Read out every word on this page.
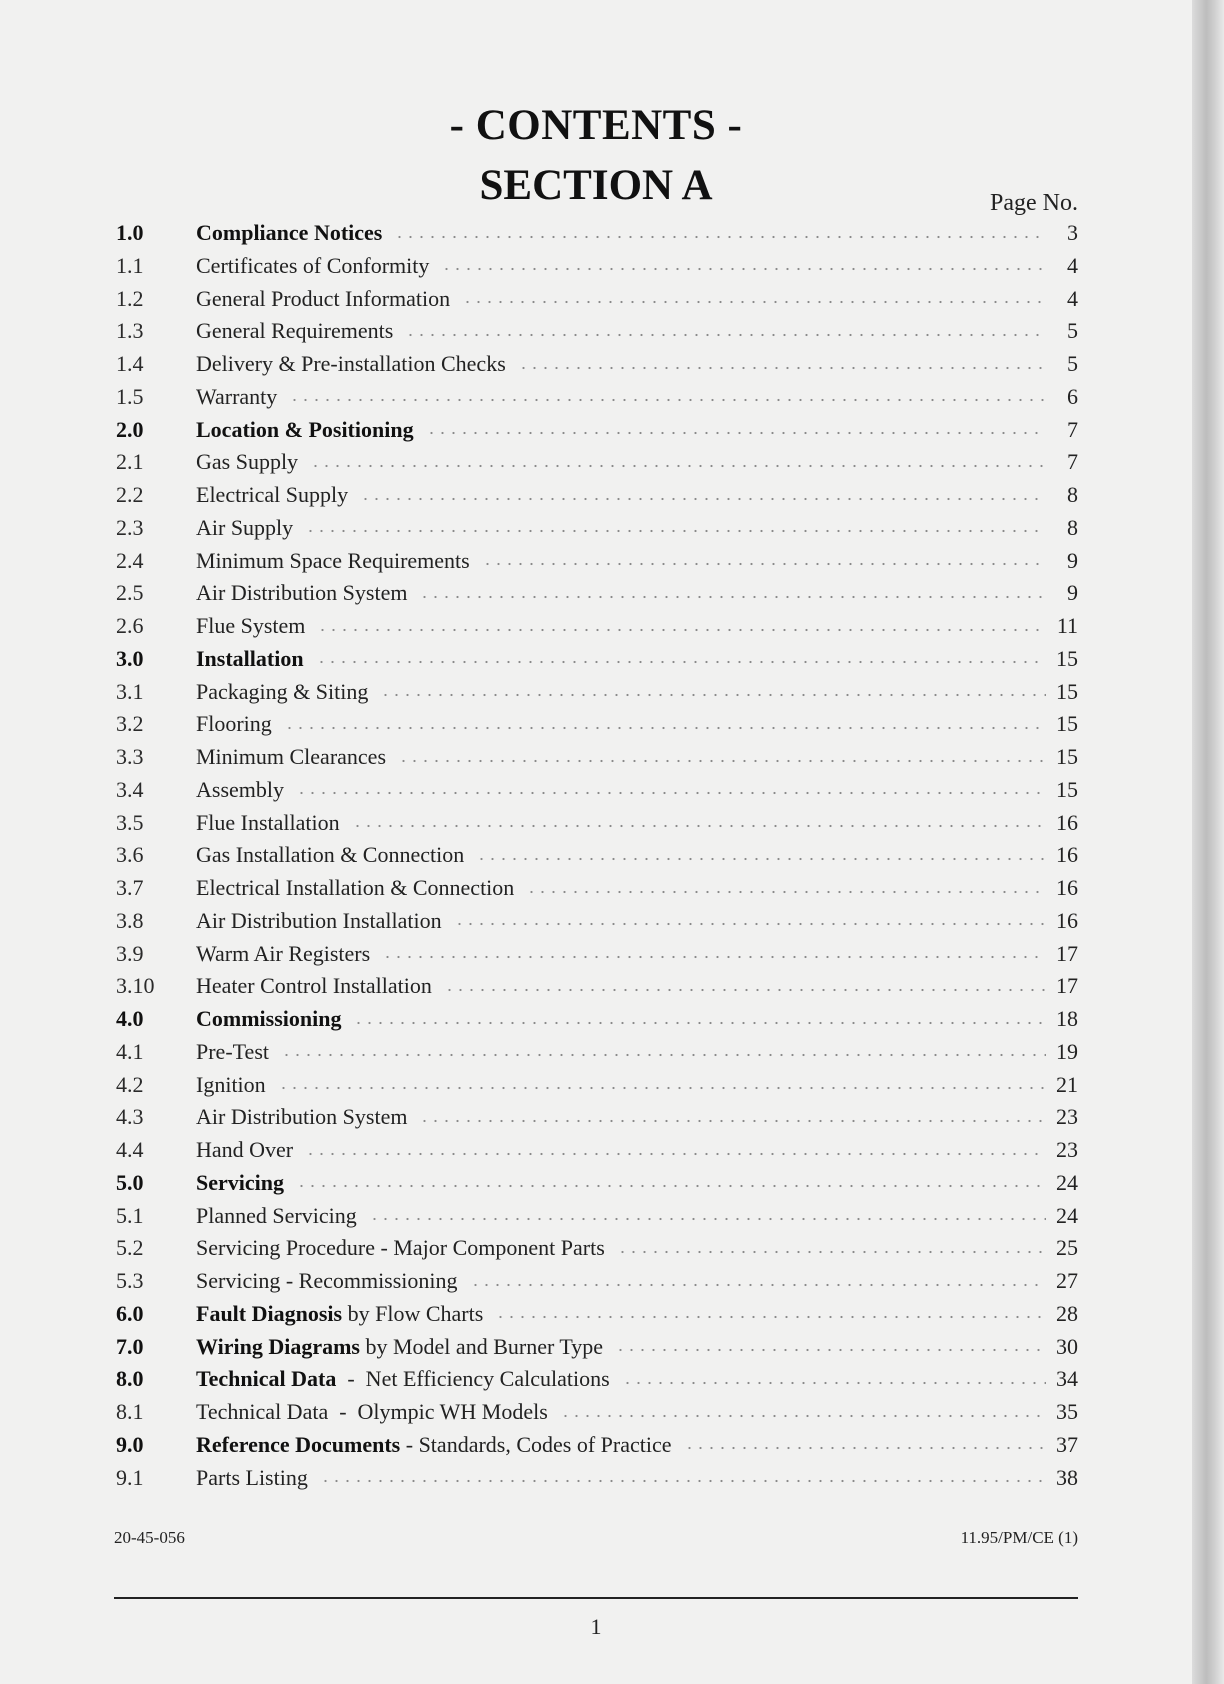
- CONTENTS -
SECTION A	Page No.
1.0	Compliance Notices	3
1.1	Certificates of Conformity	4
1.2	General Product Information	4
1.3	General Requirements	5
1.4	Delivery & Pre-installation Checks	5
1.5	Warranty	6
2.0	Location & Positioning	7
2.1	Gas Supply	7
2.2	Electrical Supply	8
2.3	Air Supply	8
2.4	Minimum Space Requirements	9
2.5	Air Distribution System	9
2.6	Flue System	11
3.0	Installation	15
3.1	Packaging & Siting	15
3.2	Flooring	15
3.3	Minimum Clearances	15
3.4	Assembly	15
3.5	Flue Installation	16
3.6	Gas Installation & Connection	16
3.7	Electrical Installation & Connection	16
3.8	Air Distribution Installation	16
3.9	Warm Air Registers	17
3.10	Heater Control Installation	17
4.0	Commissioning	18
4.1	Pre-Test	19
4.2	Ignition	21
4.3	Air Distribution System	23
4.4	Hand Over	23
5.0	Servicing	24
5.1	Planned Servicing	24
5.2	Servicing Procedure - Major Component Parts	25
5.3	Servicing - Recommissioning	27
6.0	Fault Diagnosis by Flow Charts	28
7.0	Wiring Diagrams by Model and Burner Type	30
8.0	Technical Data  -  Net Efficiency Calculations	34
8.1	Technical Data  -  Olympic WH Models	35
9.0	Reference Documents - Standards, Codes of Practice	37
9.1	Parts Listing	38
20-45-056	11.95/PM/CE (1)
1
